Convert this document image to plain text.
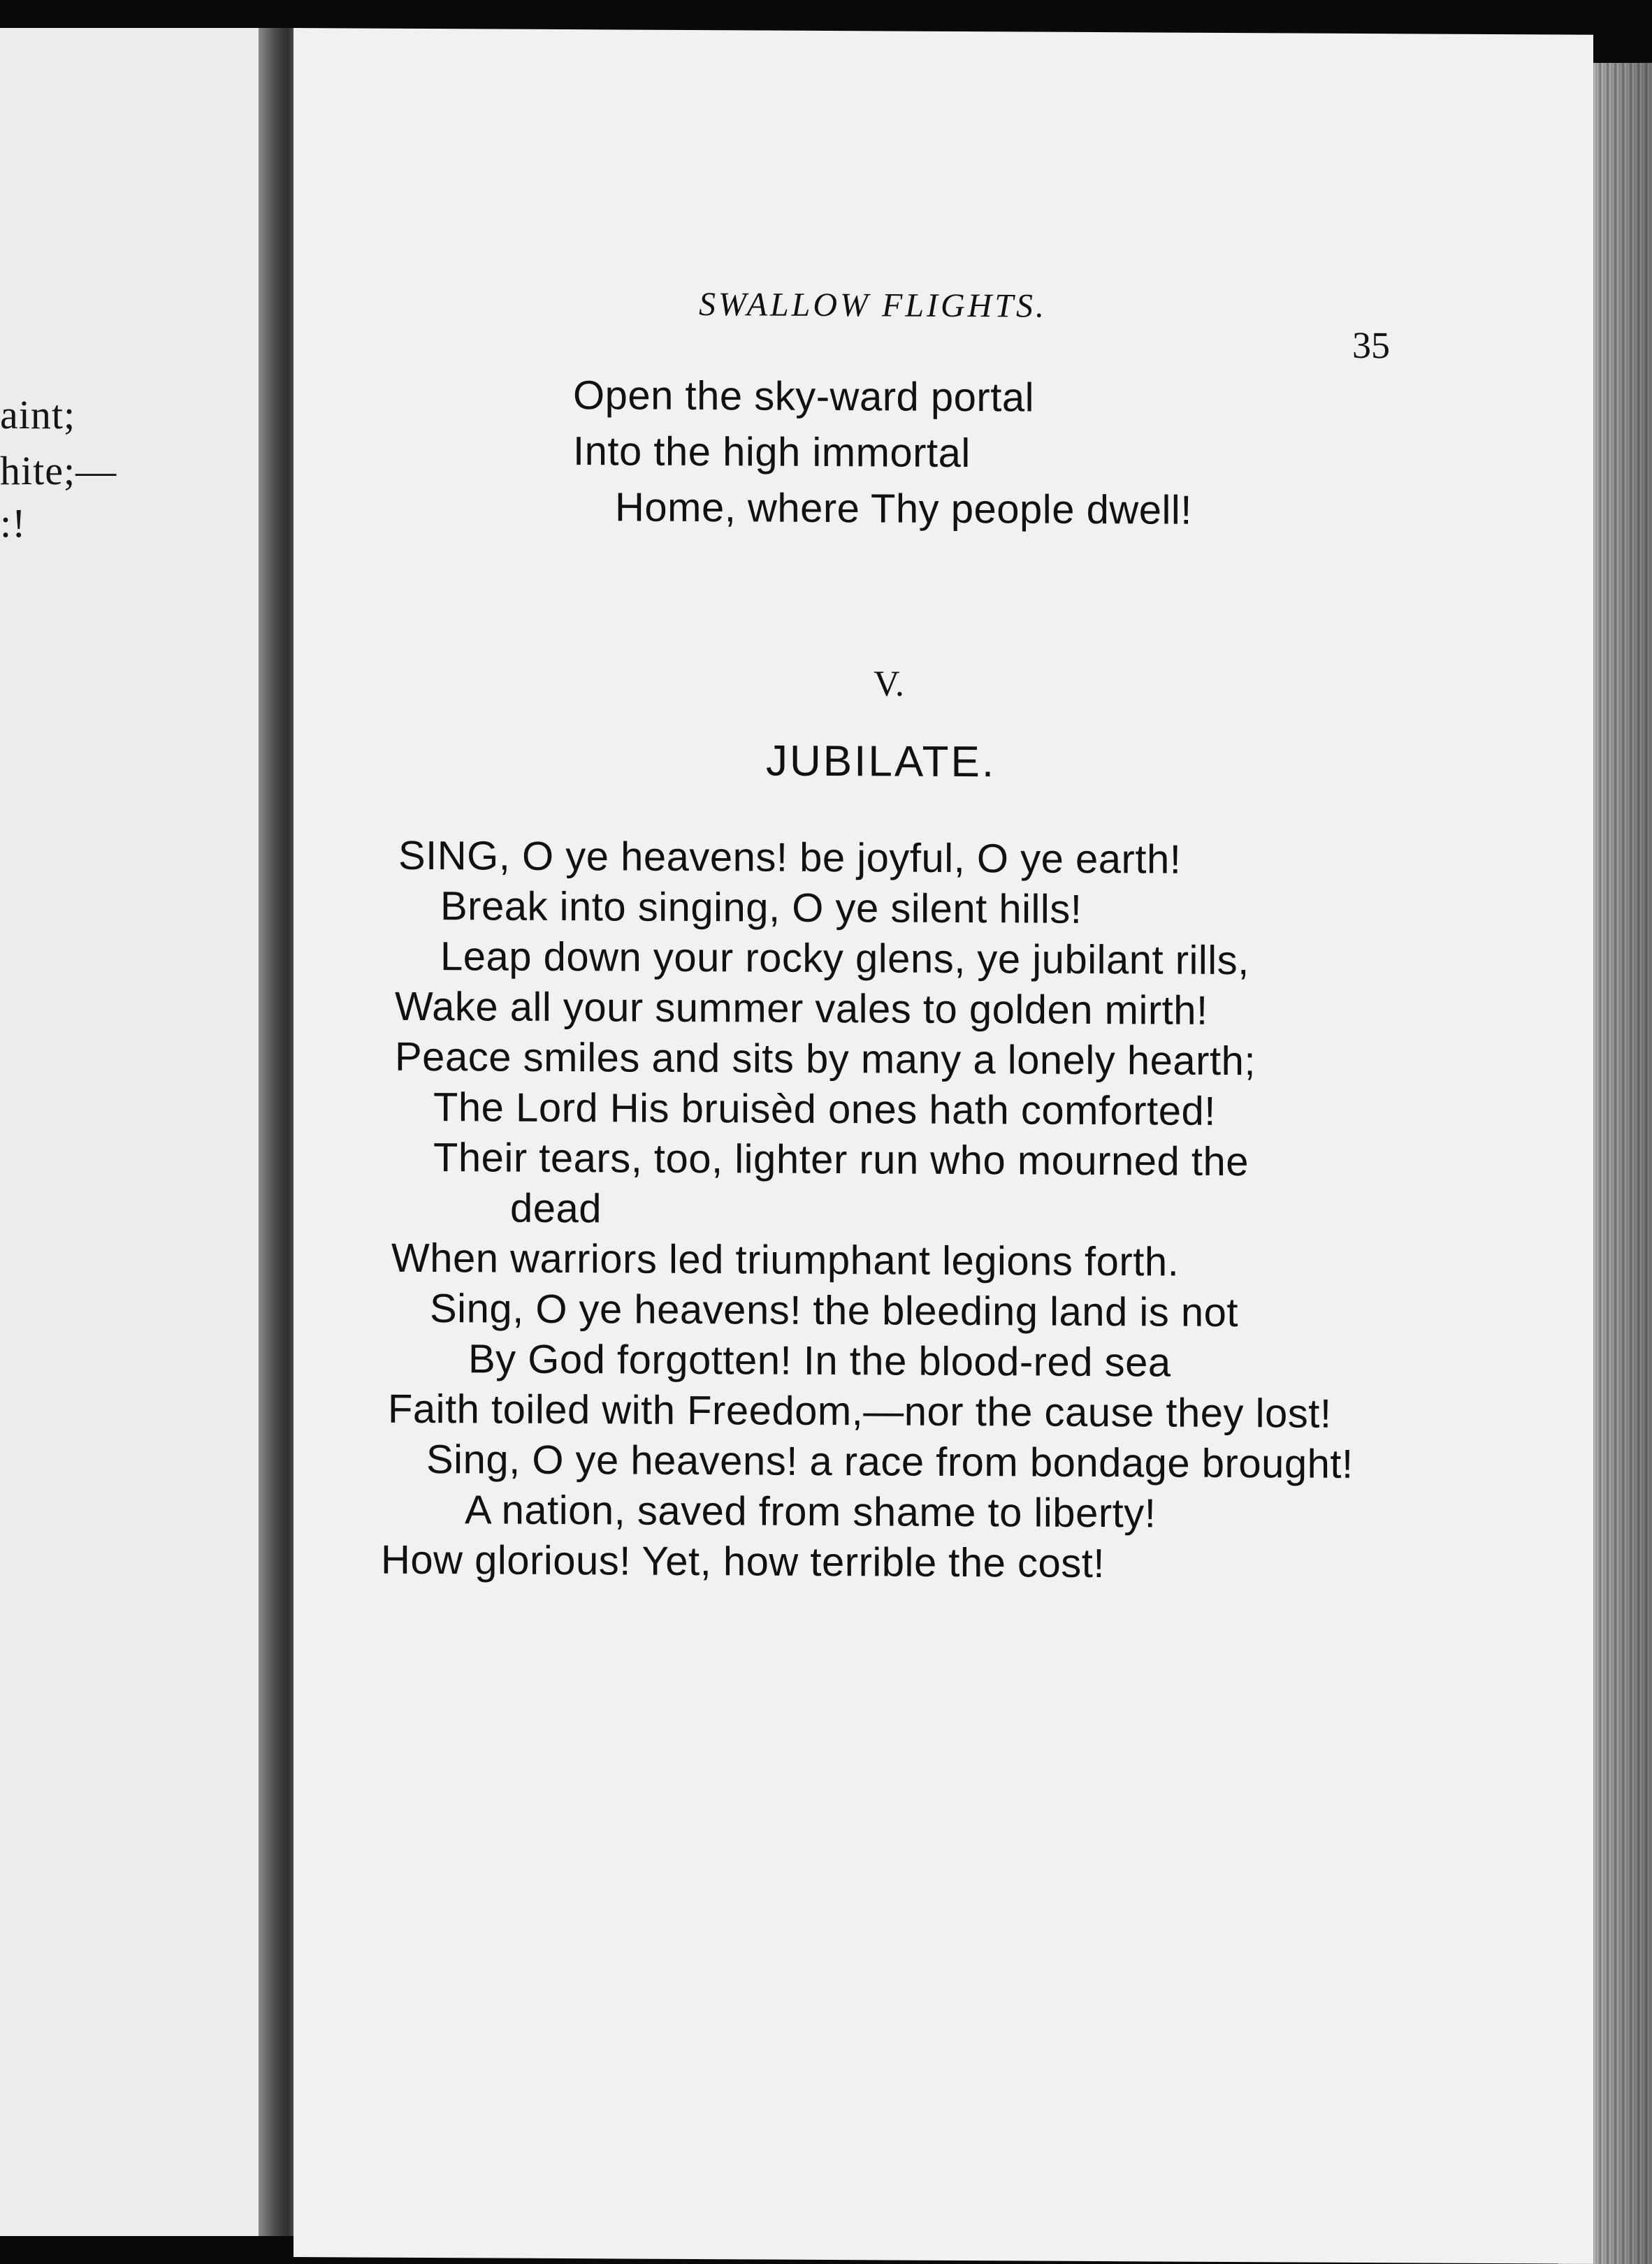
aint;
hite;—
:!
SWALLOW FLIGHTS.
35
Open the sky-ward portal
Into the high immortal
Home, where Thy people dwell!
V.
JUBILATE.
SING, O ye heavens! be joyful, O ye earth!
Break into singing, O ye silent hills!
Leap down your rocky glens, ye jubilant rills,
Wake all your summer vales to golden mirth!
Peace smiles and sits by many a lonely hearth;
The Lord His bruisèd ones hath comforted!
Their tears, too, lighter run who mourned the
dead
When warriors led triumphant legions forth.
Sing, O ye heavens! the bleeding land is not
By God forgotten! In the blood-red sea
Faith toiled with Freedom,—nor the cause they lost!
Sing, O ye heavens! a race from bondage brought!
A nation, saved from shame to liberty!
How glorious! Yet, how terrible the cost!
